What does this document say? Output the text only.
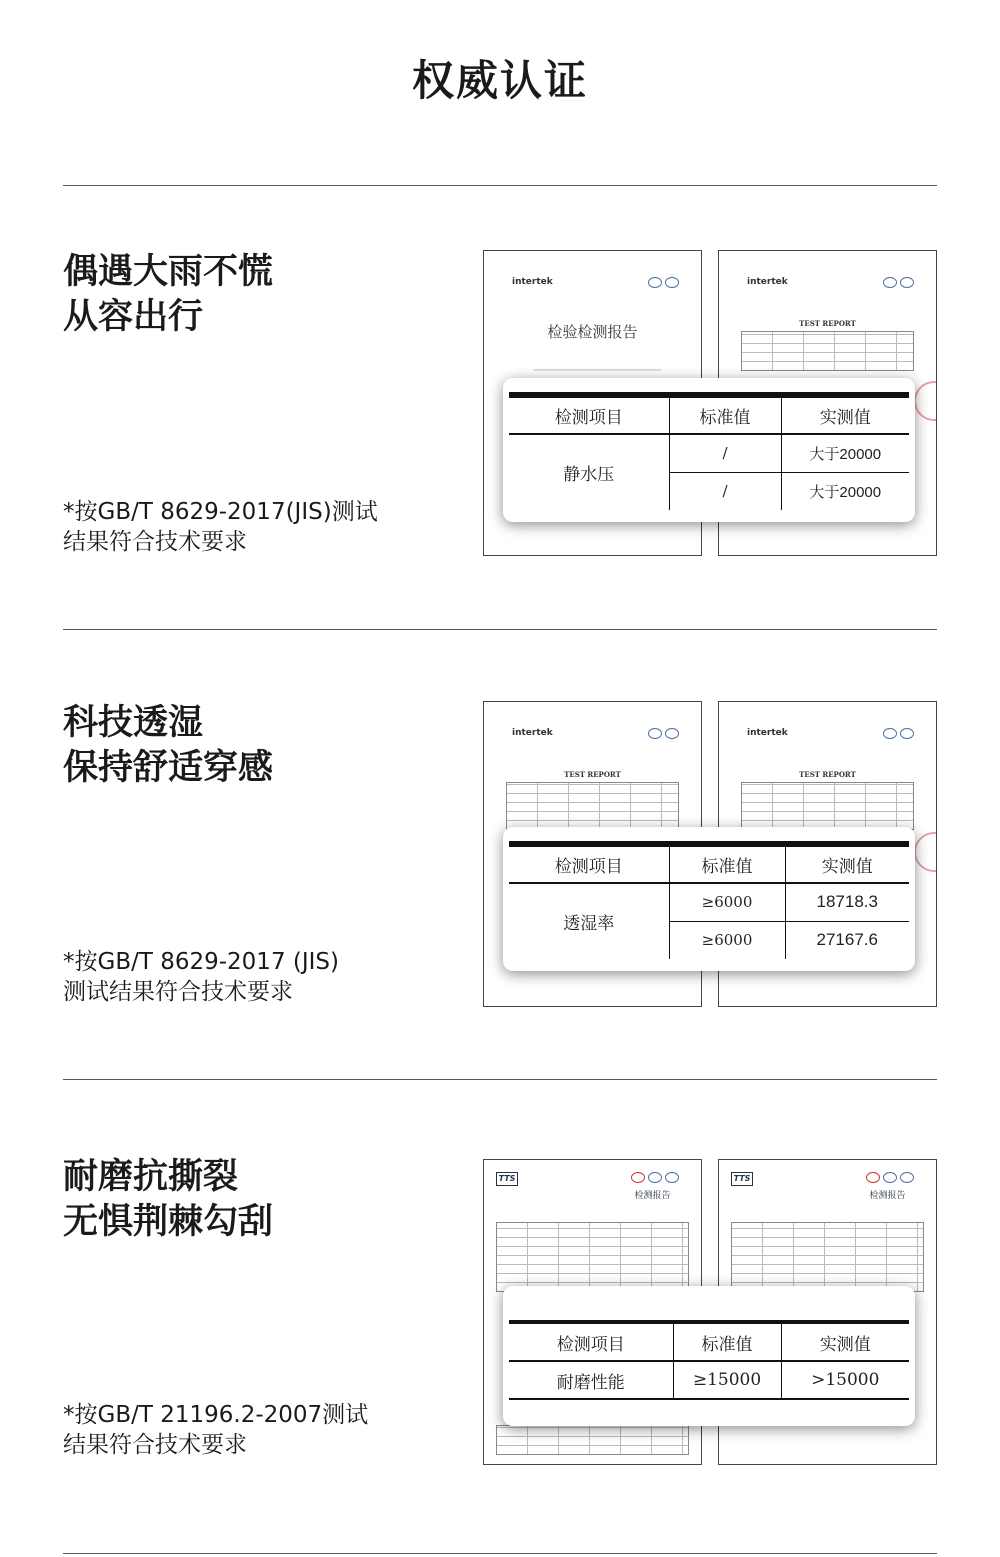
权威认证
偶遇大雨不慌
从容出行
*按GB/T 8629-2017(JIS)测试
结果符合技术要求
intertek
检验检测报告
intertek
TEST REPORT
检测项目	标准值	实测值
静水压	/	大于20000
	/	大于20000
科技透湿
保持舒适穿感
*按GB/T 8629-2017 (JIS)
测试结果符合技术要求
intertek
TEST REPORT
intertek
TEST REPORT
检测项目	标准值	实测值
透湿率	≥6000	18718.3
	≥6000	27167.6
耐磨抗撕裂
无惧荆棘勾刮
*按GB/T 21196.2-2007测试
结果符合技术要求
TTS
检测报告
TTS
检测报告
检测项目	标准值	实测值
耐磨性能	≥15000	>15000
